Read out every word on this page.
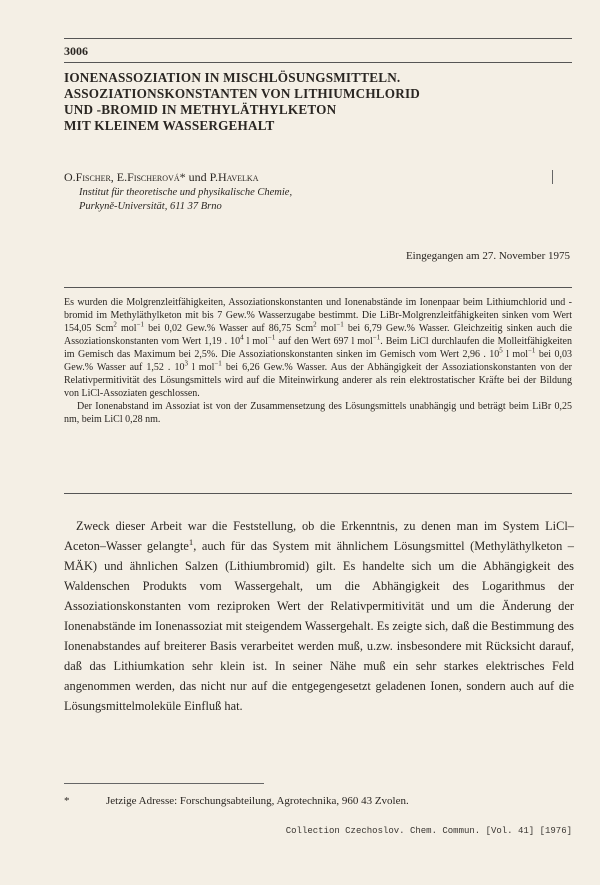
3006
IONENASSOZIATION IN MISCHLÖSUNGSMITTELN.
ASSOZIATIONSKONSTANTEN VON LITHIUMCHLORID
UND -BROMID IN METHYLÄTHYLKETON
MIT KLEINEM WASSERGEHALT
O.Fischer, E.Fischerová* und P.Havelka
Institut für theoretische und physikalische Chemie,
Purkyně-Universität, 611 37 Brno
Eingegangen am 27. November 1975

Es wurden die Molgrenzleitfähigkeiten, Assoziationskonstanten und Ionenabstände im Ionenpaar beim Lithiumchlorid und -bromid im Methyläthylketon mit bis 7 Gew.% Wasserzugabe bestimmt. Die LiBr-Molgrenzleitfähigkeiten sinken vom Wert 154,05 Scm$^2$ mol$^{-1}$ bei 0,02 Gew.% Wasser auf 86,75 Scm$^2$ mol$^{-1}$ bei 6,79 Gew.% Wasser. Gleichzeitig sinken auch die Assoziationskonstanten vom Wert 1,19 . $10^4$ l mol$^{-1}$ auf den Wert 697 l mol$^{-1}$. Beim LiCl durchlaufen die Molleitfähigkeiten im Gemisch das Maximum bei 2,5%. Die Assoziationskonstanten sinken im Gemisch vom Wert 2,96 . $10^5$ l mol$^{-1}$ bei 0,03 Gew.% Wasser auf 1,52 . $10^3$ l mol$^{-1}$ bei 6,26 Gew.% Wasser. Aus der Abhängigkeit der Assoziationskonstanten von der Relativpermitivität des Lösungsmittels wird auf die Miteinwirkung anderer als rein elektrostatischer Kräfte bei der Bildung von LiCl-Assoziaten geschlossen.

Der Ionenabstand im Assoziat ist von der Zusammensetzung des Lösungsmittels unabhängig und beträgt beim LiBr 0,25 nm, beim LiCl 0,28 nm.

Zweck dieser Arbeit war die Feststellung, ob die Erkenntnis, zu denen man im System LiCl–Aceton–Wasser gelangte$^1$, auch für das System mit ähnlichem Lösungsmittel (Methyläthylketon – MÄK) und ähnlichen Salzen (Lithiumbromid) gilt. Es handelte sich um die Abhängigkeit des Waldenschen Produkts vom Wassergehalt, um die Abhängigkeit des Logarithmus der Assoziationskonstanten vom reziproken Wert der Relativpermitivität und um die Änderung der Ionenabstände im Ionenassoziat mit steigendem Wassergehalt. Es zeigte sich, daß die Bestimmung des Ionenabstandes auf breiterer Basis verarbeitet werden muß, u.zw. insbesondere mit Rücksicht darauf, daß das Lithiumkation sehr klein ist. In seiner Nähe muß ein sehr starkes elektrisches Feld angenommen werden, das nicht nur auf die entgegengesetzt geladenen Ionen, sondern auch auf die Lösungsmittelmoleküle Einfluß hat.

*	Jetzige Adresse: Forschungsabteilung, Agrotechnika, 960 43 Zvolen.
Collection Czechoslov. Chem. Commun. [Vol. 41] [1976]
